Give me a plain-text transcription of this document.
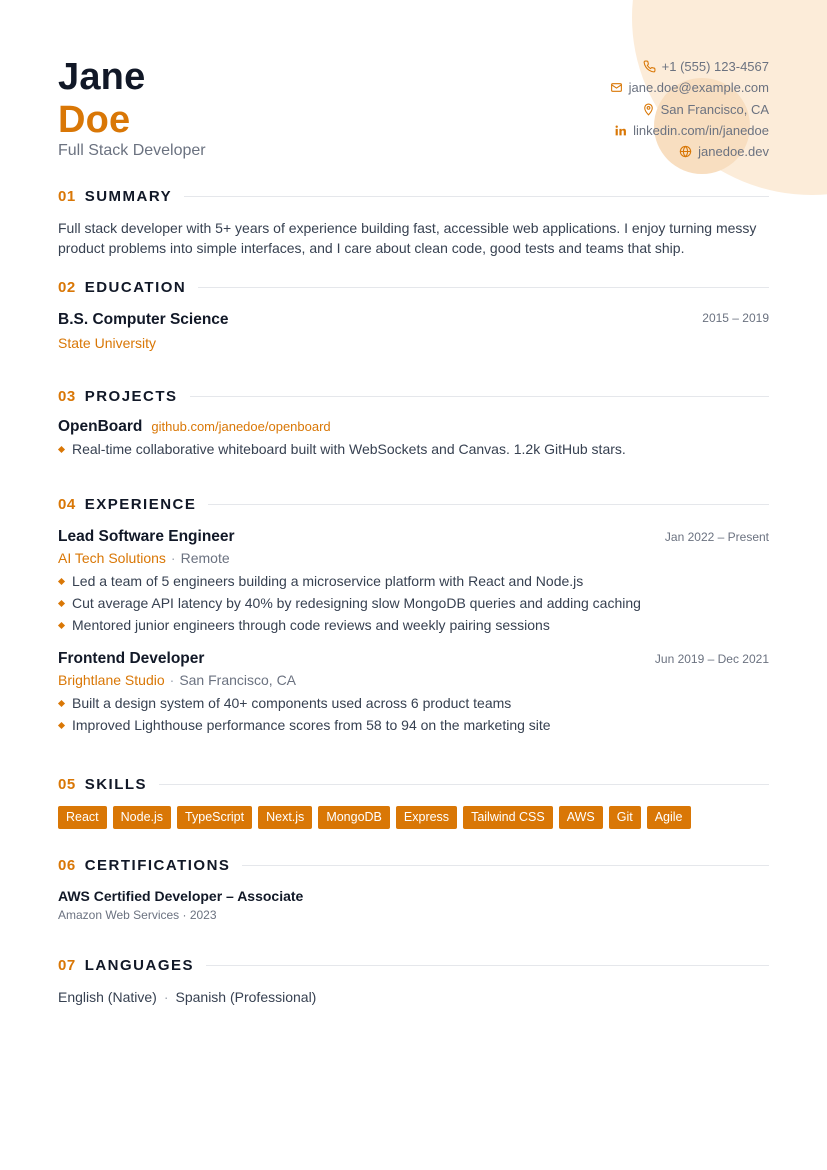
Jane
Doe
Full Stack Developer
+1 (555) 123-4567
jane.doe@example.com
San Francisco, CA
linkedin.com/in/janedoe
janedoe.dev
01 SUMMARY
Full stack developer with 5+ years of experience building fast, accessible web applications. I enjoy turning messy product problems into simple interfaces, and I care about clean code, good tests and teams that ship.
02 EDUCATION
B.S. Computer Science	2015 – 2019
State University
03 PROJECTS
OpenBoard github.com/janedoe/openboard
Real-time collaborative whiteboard built with WebSockets and Canvas. 1.2k GitHub stars.
04 EXPERIENCE
Lead Software Engineer	Jan 2022 – Present
AI Tech Solutions · Remote
Led a team of 5 engineers building a microservice platform with React and Node.js
Cut average API latency by 40% by redesigning slow MongoDB queries and adding caching
Mentored junior engineers through code reviews and weekly pairing sessions
Frontend Developer	Jun 2019 – Dec 2021
Brightlane Studio · San Francisco, CA
Built a design system of 40+ components used across 6 product teams
Improved Lighthouse performance scores from 58 to 94 on the marketing site
05 SKILLS
React	Node.js	TypeScript	Next.js	MongoDB	Express	Tailwind CSS	AWS	Git	Agile
06 CERTIFICATIONS
AWS Certified Developer – Associate
Amazon Web Services · 2023
07 LANGUAGES
English (Native) · Spanish (Professional)
